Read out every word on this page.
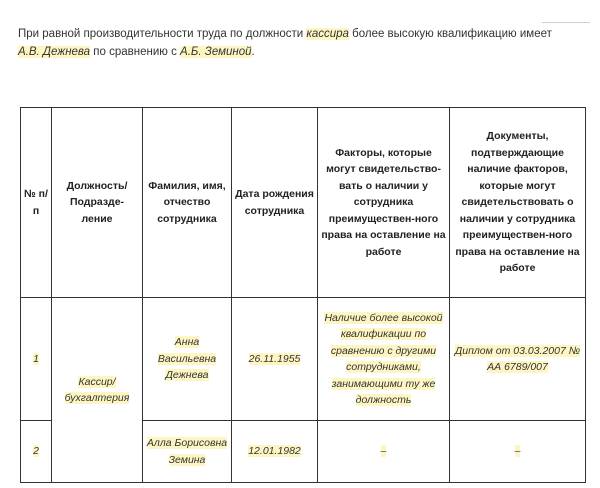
При равной производительности труда по должности кассира более высокую квалификацию имеет А.В. Дежнева по сравнению с А.Б. Земиной.

№ п/п	Должность/ Подразде-ление	Фамилия, имя, отчество сотрудника	Дата рождения сотрудника	Факторы, которые могут свидетельство-вать о наличии у сотрудника преимуществен-ного права на оставление на работе	Документы, подтверждающие наличие факторов, которые могут свидетельствовать о наличии у сотрудника преимуществен-ного права на оставление на работе
1	Кассир/ бухгалтерия	Анна Васильевна Дежнева	26.11.1955	Наличие более высокой квалификации по сравнению с другими сотрудниками, занимающими ту же должность	Диплом от 03.03.2007 № АА 6789/007
2		Алла Борисовна Земина	12.01.1982	–	–
